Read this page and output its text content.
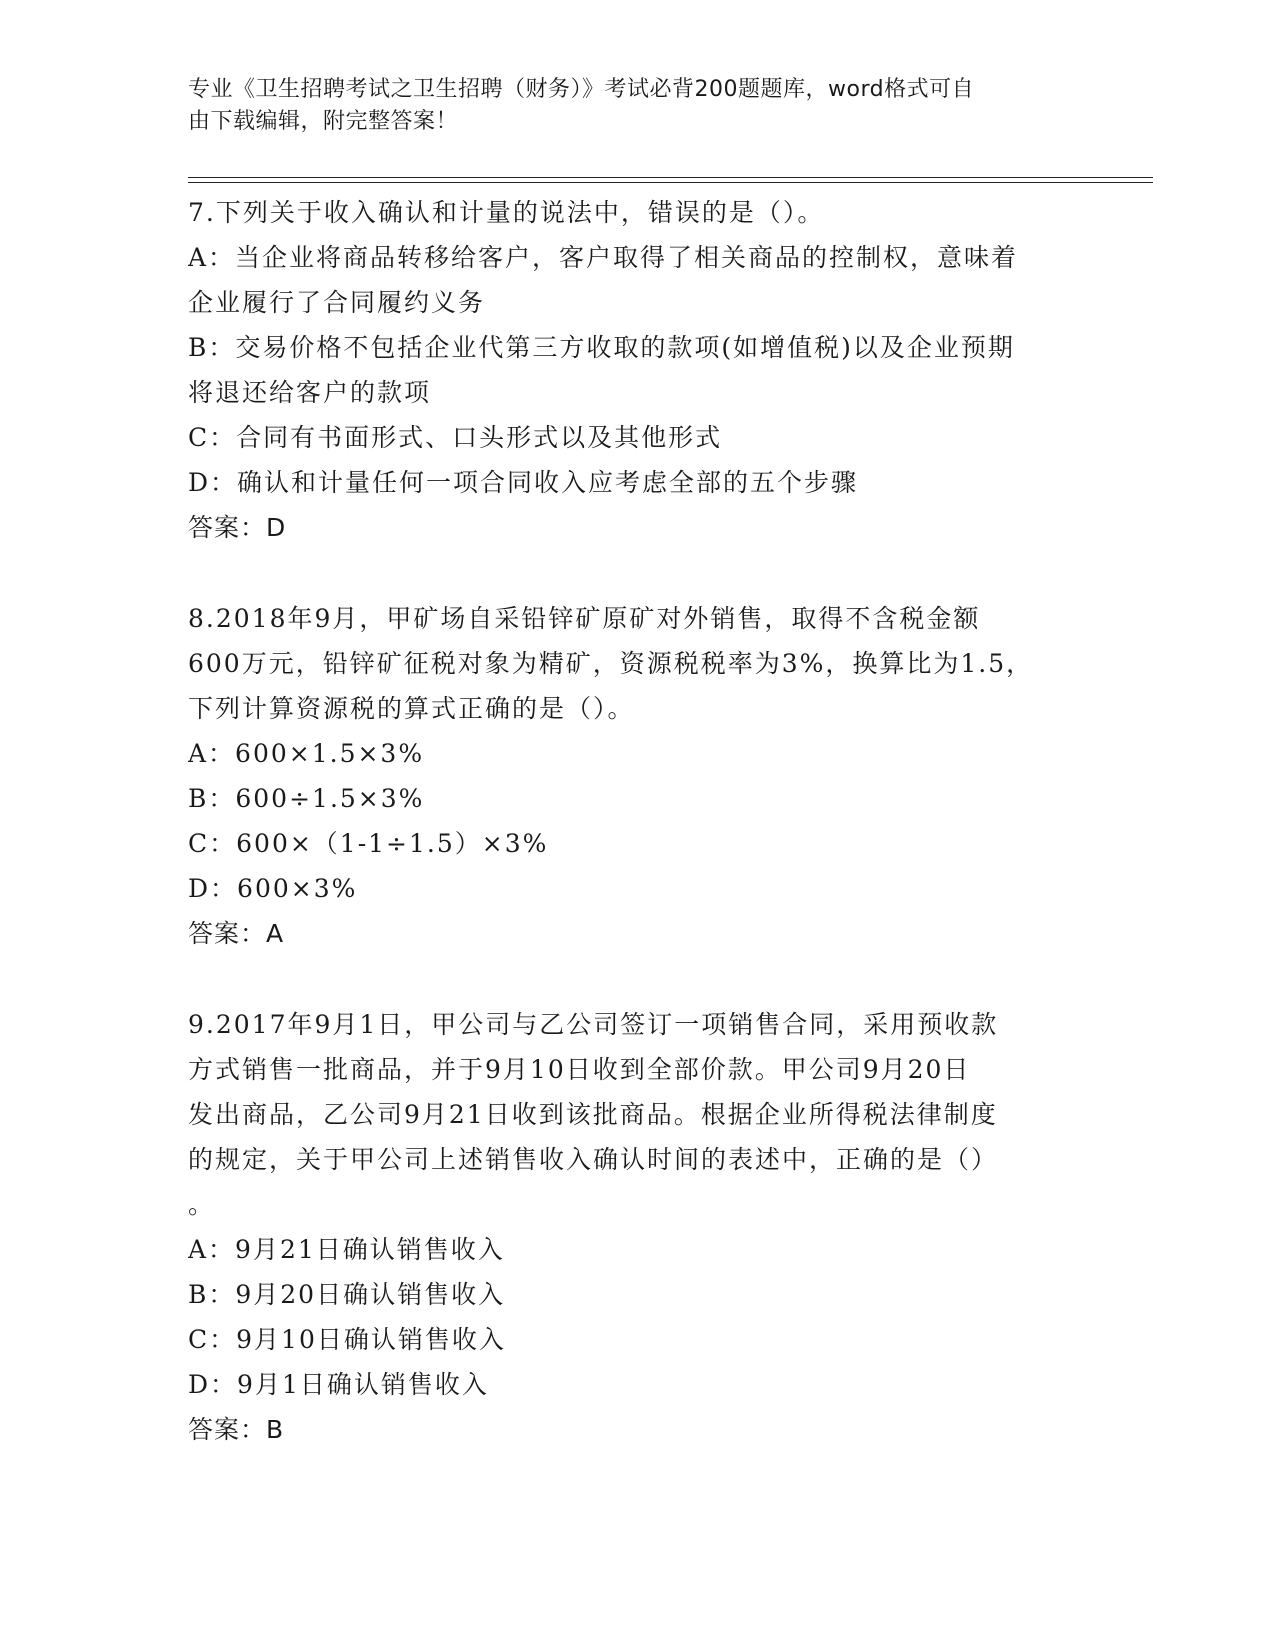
专业《卫生招聘考试之卫生招聘（财务）》考试必背200题题库，word格式可自
由下载编辑，附完整答案！
7.下列关于收入确认和计量的说法中，错误的是（）。
A：当企业将商品转移给客户，客户取得了相关商品的控制权，意味着
企业履行了合同履约义务
B：交易价格不包括企业代第三方收取的款项(如增值税)以及企业预期
将退还给客户的款项
C：合同有书面形式、口头形式以及其他形式
D：确认和计量任何一项合同收入应考虑全部的五个步骤
答案：D
8.2018年9月，甲矿场自采铅锌矿原矿对外销售，取得不含税金额
600万元，铅锌矿征税对象为精矿，资源税税率为3%，换算比为1.5，
下列计算资源税的算式正确的是（）。
A：600×1.5×3%
B：600÷1.5×3%
C：600×（1-1÷1.5）×3%
D：600×3%
答案：A
9.2017年9月1日，甲公司与乙公司签订一项销售合同，采用预收款
方式销售一批商品，并于9月10日收到全部价款。甲公司9月20日
发出商品，乙公司9月21日收到该批商品。根据企业所得税法律制度
的规定，关于甲公司上述销售收入确认时间的表述中，正确的是（）
。
A：9月21日确认销售收入
B：9月20日确认销售收入
C：9月10日确认销售收入
D：9月1日确认销售收入
答案：B
